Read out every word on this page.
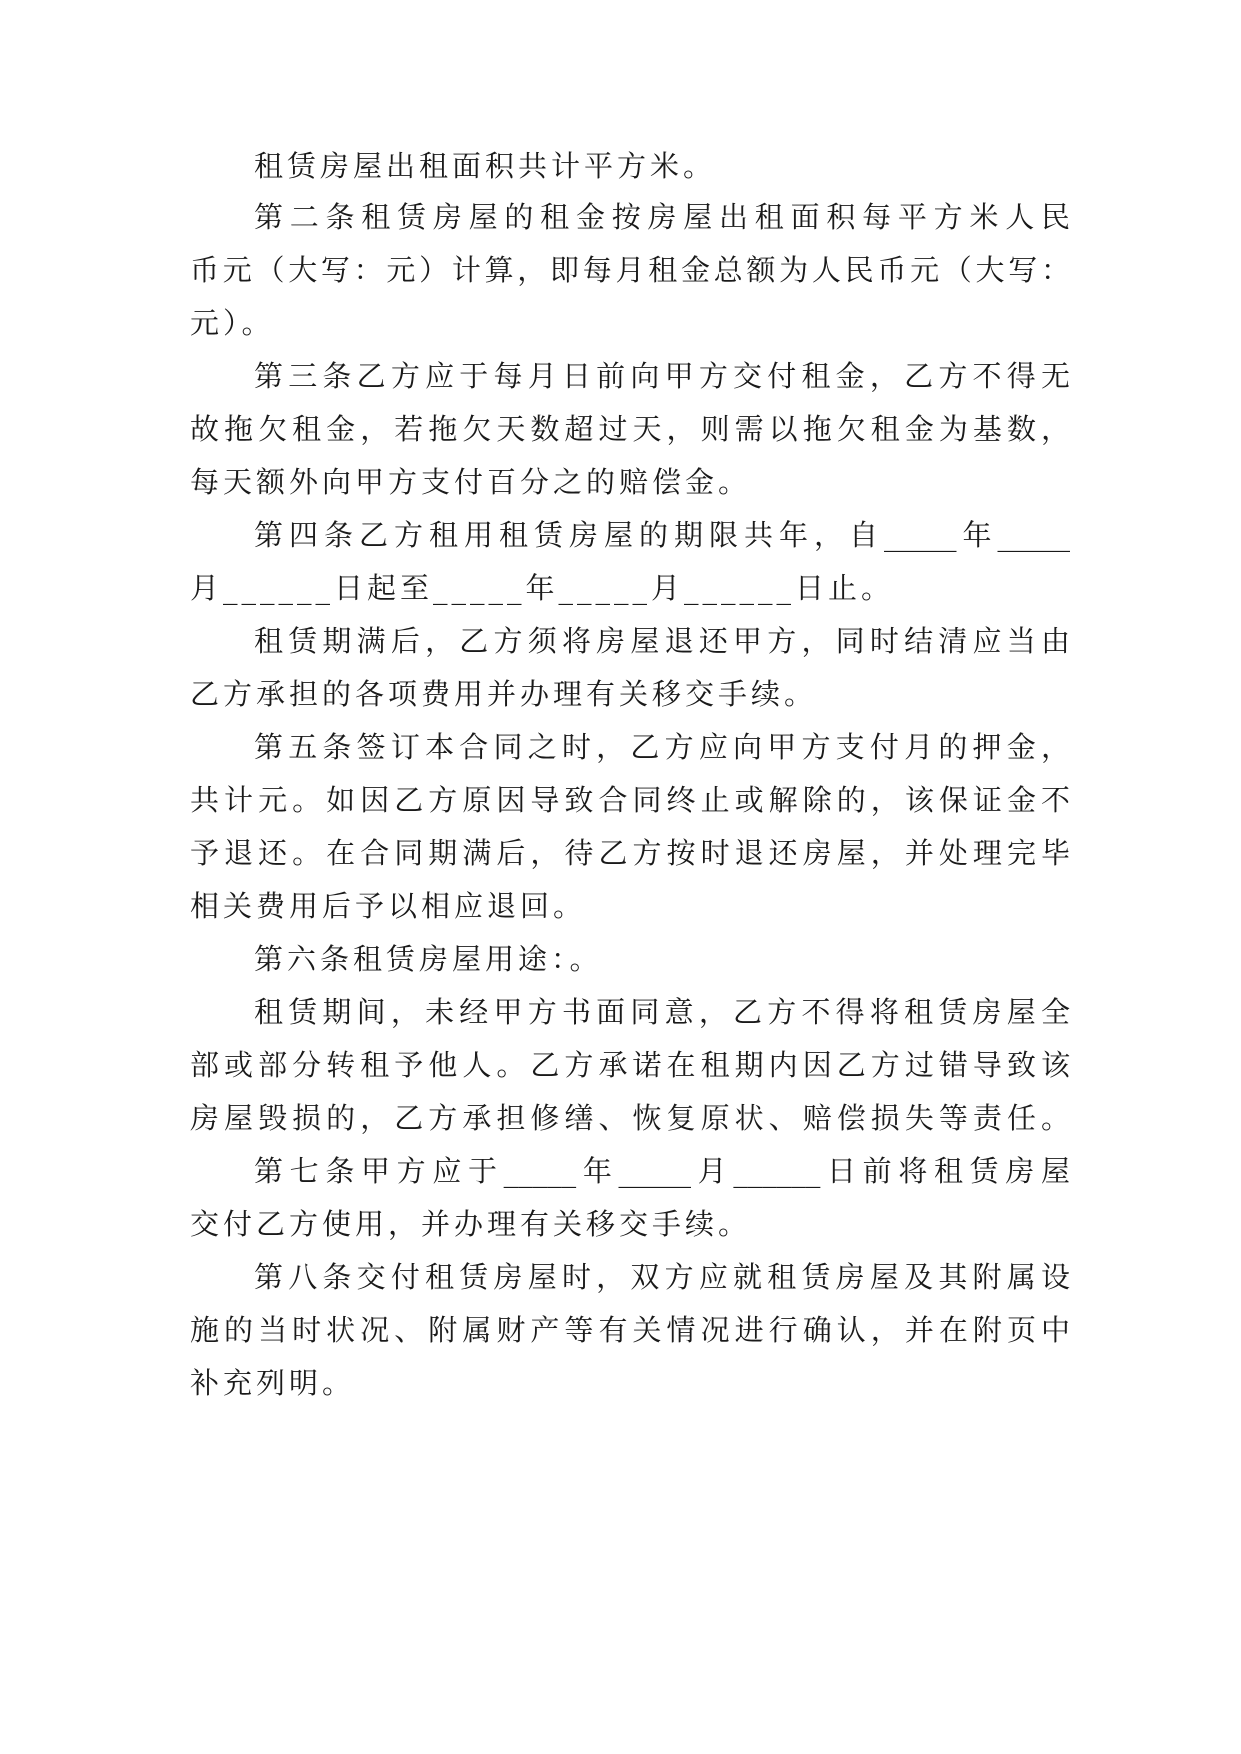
租赁房屋出租面积共计平方米。
第二条租赁房屋的租金按房屋出租面积每平方米人民
币元（大写：元）计算，即每月租金总额为人民币元（大写：
元）。
第三条乙方应于每月日前向甲方交付租金，乙方不得无
故拖欠租金，若拖欠天数超过天，则需以拖欠租金为基数，
每天额外向甲方支付百分之的赔偿金。
第四条乙方租用租赁房屋的期限共年，自_____年_____
月______日起至_____年_____月______日止。
租赁期满后，乙方须将房屋退还甲方，同时结清应当由
乙方承担的各项费用并办理有关移交手续。
第五条签订本合同之时，乙方应向甲方支付月的押金，
共计元。如因乙方原因导致合同终止或解除的，该保证金不
予退还。在合同期满后，待乙方按时退还房屋，并处理完毕
相关费用后予以相应退回。
第六条租赁房屋用途：。
租赁期间，未经甲方书面同意，乙方不得将租赁房屋全
部或部分转租予他人。乙方承诺在租期内因乙方过错导致该
房屋毁损的，乙方承担修缮、恢复原状、赔偿损失等责任。
第七条甲方应于_____年_____月______日前将租赁房屋
交付乙方使用，并办理有关移交手续。
第八条交付租赁房屋时，双方应就租赁房屋及其附属设
施的当时状况、附属财产等有关情况进行确认，并在附页中
补充列明。
